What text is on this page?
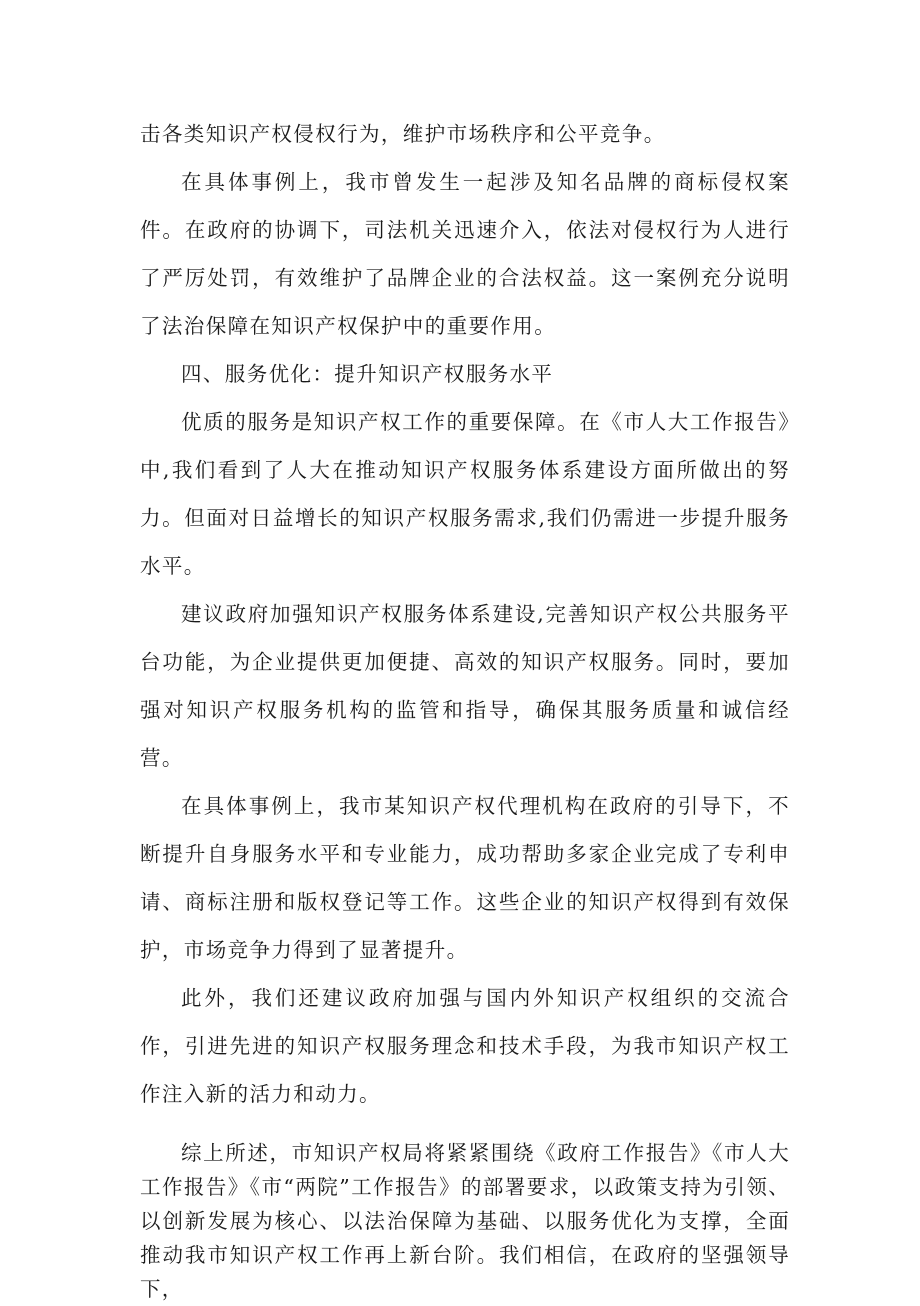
击各类知识产权侵权行为，维护市场秩序和公平竞争。

在具体事例上，我市曾发生一起涉及知名品牌的商标侵权案件。在政府的协调下，司法机关迅速介入，依法对侵权行为人进行了严厉处罚，有效维护了品牌企业的合法权益。这一案例充分说明了法治保障在知识产权保护中的重要作用。

四、服务优化：提升知识产权服务水平

优质的服务是知识产权工作的重要保障。在《市人大工作报告》中,我们看到了人大在推动知识产权服务体系建设方面所做出的努力。但面对日益增长的知识产权服务需求,我们仍需进一步提升服务水平。

建议政府加强知识产权服务体系建设,完善知识产权公共服务平台功能，为企业提供更加便捷、高效的知识产权服务。同时，要加强对知识产权服务机构的监管和指导，确保其服务质量和诚信经营。

在具体事例上，我市某知识产权代理机构在政府的引导下，不断提升自身服务水平和专业能力，成功帮助多家企业完成了专利申请、商标注册和版权登记等工作。这些企业的知识产权得到有效保护，市场竞争力得到了显著提升。

此外，我们还建议政府加强与国内外知识产权组织的交流合作，引进先进的知识产权服务理念和技术手段，为我市知识产权工作注入新的活力和动力。

综上所述，市知识产权局将紧紧围绕《政府工作报告》《市人大工作报告》《市“两院”工作报告》的部署要求，以政策支持为引领、以创新发展为核心、以法治保障为基础、以服务优化为支撑，全面推动我市知识产权工作再上新台阶。我们相信，在政府的坚强领导下，
